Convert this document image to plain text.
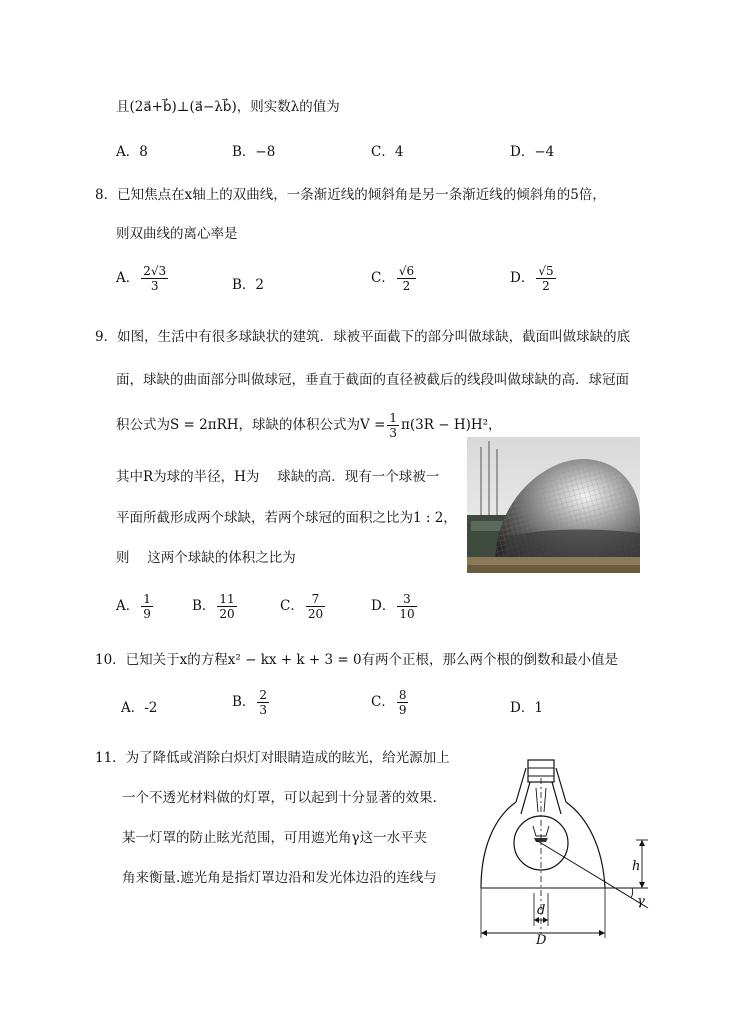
且(2a⃗+b⃗)⊥(a⃗−λb⃗)，则实数λ的值为
A．8	B．−8	C．4	D．−4
8．已知焦点在x轴上的双曲线，一条渐近线的倾斜角是另一条渐近线的倾斜角的5倍，
则双曲线的离心率是
A． $\frac{2√3}{3}$	B．2	C． $\frac{√6}{2}$	D． $\frac{√5}{2}$
9．如图，生活中有很多球缺状的建筑．球被平面截下的部分叫做球缺，截面叫做球缺的底
面，球缺的曲面部分叫做球冠，垂直于截面的直径被截后的线段叫做球缺的高．球冠面
积公式为S = 2πRH，球缺的体积公式为$V = \frac{1}{3} \pi(3R - H)H^2$，
其中R为球的半径，H为　 球缺的高．现有一个球被一
平面所截形成两个球缺，若两个球冠的面积之比为1 : 2，
则　 这两个球缺的体积之比为
A． $\frac{1}{9}$	B． $\frac{11}{20}$	C． $\frac{7}{20}$	D． $\frac{3}{10}$
10．已知关于x的方程x² − kx + k + 3 = 0有两个正根，那么两个根的倒数和最小值是
A．-2	B． $\frac{2}{3}$	C． $\frac{8}{9}$	D．1
11．为了降低或消除白炽灯对眼睛造成的眩光，给光源加上
一个不透光材料做的灯罩，可以起到十分显著的效果.
某一灯罩的防止眩光范围，可用遮光角γ这一水平夹
角来衡量.遮光角是指灯罩边沿和发光体边沿的连线与
h
γ
d
D
